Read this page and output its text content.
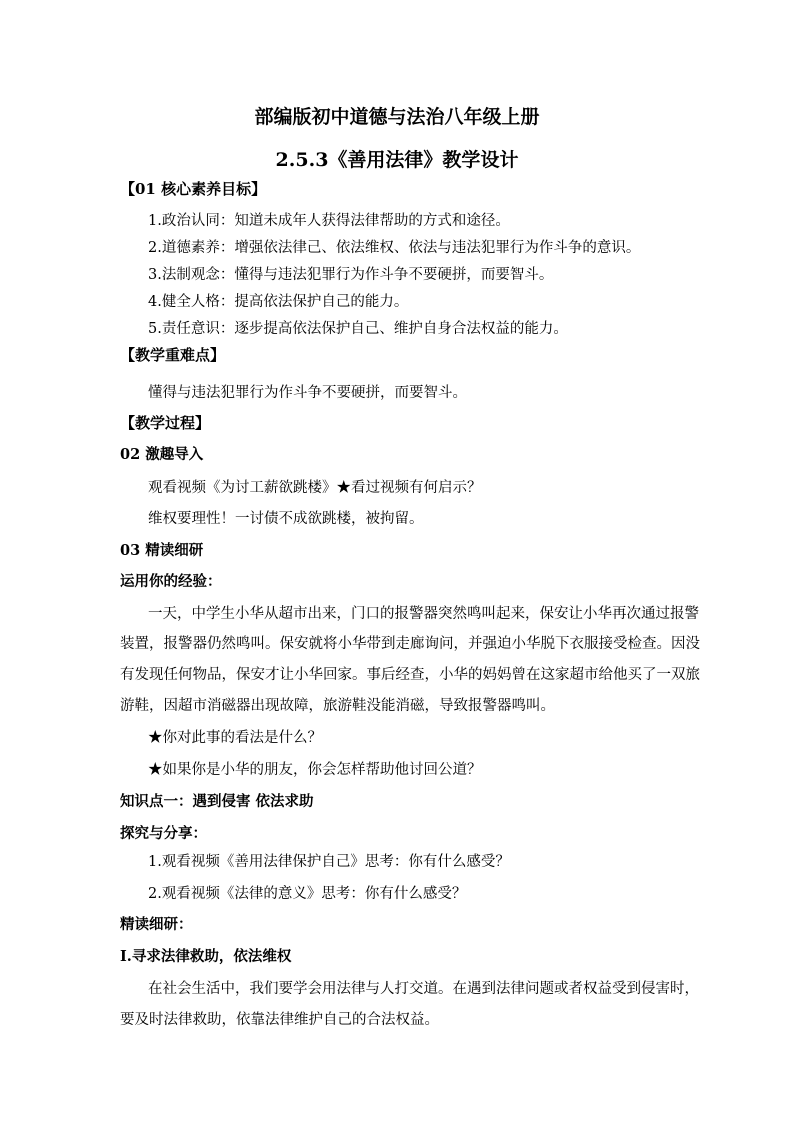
部编版初中道德与法治八年级上册
2.5.3《善用法律》教学设计
【01 核心素养目标】
1.政治认同：知道未成年人获得法律帮助的方式和途径。
2.道德素养：增强依法律己、依法维权、依法与违法犯罪行为作斗争的意识。
3.法制观念：懂得与违法犯罪行为作斗争不要硬拼，而要智斗。
4.健全人格：提高依法保护自己的能力。
5.责任意识：逐步提高依法保护自己、维护自身合法权益的能力。
【教学重难点】
懂得与违法犯罪行为作斗争不要硬拼，而要智斗。
【教学过程】
02 激趣导入
观看视频《为讨工薪欲跳楼》★看过视频有何启示？
维权要理性！一讨债不成欲跳楼，被拘留。
03 精读细研
运用你的经验：
一天，中学生小华从超市出来，门口的报警器突然鸣叫起来，保安让小华再次通过报警
装置，报警器仍然鸣叫。保安就将小华带到走廊询问，并强迫小华脱下衣服接受检查。因没
有发现任何物品，保安才让小华回家。事后经查，小华的妈妈曾在这家超市给他买了一双旅
游鞋，因超市消磁器出现故障，旅游鞋没能消磁，导致报警器鸣叫。
★你对此事的看法是什么？
★如果你是小华的朋友，你会怎样帮助他讨回公道？
知识点一：遇到侵害 依法求助
探究与分享：
1.观看视频《善用法律保护自己》思考：你有什么感受？
2.观看视频《法律的意义》思考：你有什么感受？
精读细研：
Ⅰ.寻求法律救助，依法维权
在社会生活中，我们要学会用法律与人打交道。在遇到法律问题或者权益受到侵害时，
要及时法律救助，依靠法律维护自己的合法权益。
